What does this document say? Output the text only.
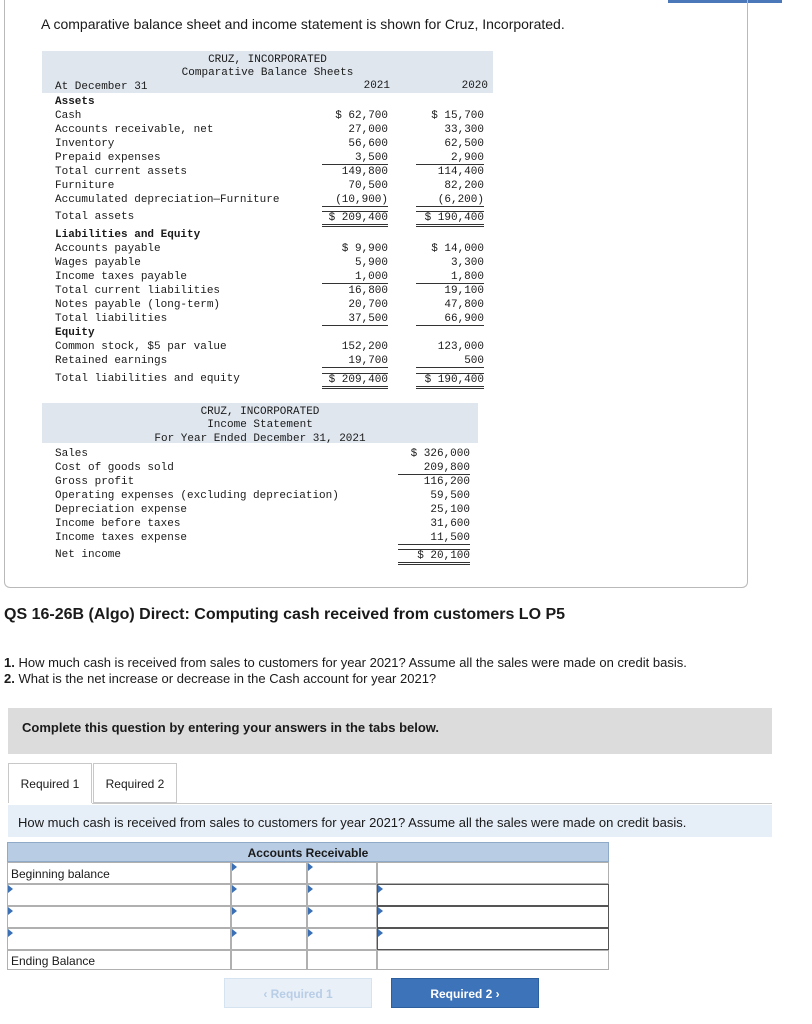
A comparative balance sheet and income statement is shown for Cruz, Incorporated.
CRUZ, INCORPORATED
Comparative Balance Sheets
At December 31	2021	2020
Assets
Cash	$ 62,700	$ 15,700
Accounts receivable, net	27,000	33,300
Inventory	56,600	62,500
Prepaid expenses	3,500	2,900
Total current assets	149,800	114,400
Furniture	70,500	82,200
Accumulated depreciation—Furniture	(10,900)	(6,200)
Total assets	$ 209,400	$ 190,400
Liabilities and Equity
Accounts payable	$ 9,900	$ 14,000
Wages payable	5,900	3,300
Income taxes payable	1,000	1,800
Total current liabilities	16,800	19,100
Notes payable (long-term)	20,700	47,800
Total liabilities	37,500	66,900
Equity
Common stock, $5 par value	152,200	123,000
Retained earnings	19,700	500
Total liabilities and equity	$ 209,400	$ 190,400
CRUZ, INCORPORATED
Income Statement
For Year Ended December 31, 2021
Sales	$ 326,000
Cost of goods sold	209,800
Gross profit	116,200
Operating expenses (excluding depreciation)	59,500
Depreciation expense	25,100
Income before taxes	31,600
Income taxes expense	11,500
Net income	$ 20,100
QS 16-26B (Algo) Direct: Computing cash received from customers LO P5
1. How much cash is received from sales to customers for year 2021? Assume all the sales were made on credit basis.
2. What is the net increase or decrease in the Cash account for year 2021?
Complete this question by entering your answers in the tabs below.
Required 1	Required 2
How much cash is received from sales to customers for year 2021? Assume all the sales were made on credit basis.
Accounts Receivable
Beginning balance
Ending Balance
‹ Required 1	Required 2 ›
